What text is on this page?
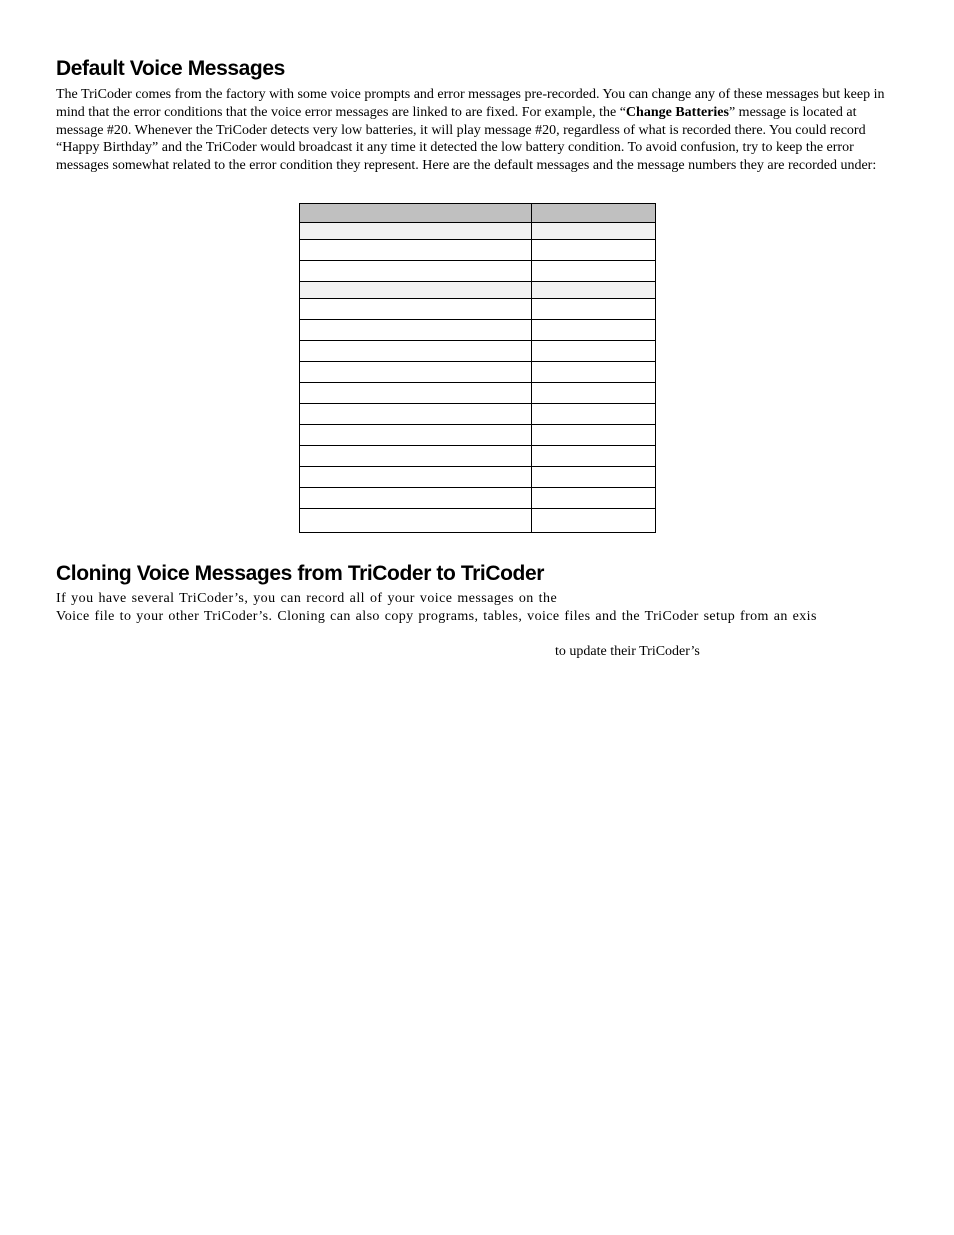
Default Voice Messages

The TriCoder comes from the factory with some voice prompts and error messages pre-recorded. You can change any of these messages but keep in mind that the error conditions that the voice error messages are linked to are fixed. For example, the “Change Batteries” message is located at message #20. Whenever the TriCoder detects very low batteries, it will play message #20, regardless of what is recorded there. You could record “Happy Birthday” and the TriCoder would broadcast it any time it detected the low battery condition. To avoid confusion, try to keep the error messages somewhat related to the error condition they represent. Here are the default messages and the message numbers they are recorded under:

Cloning Voice Messages from TriCoder to TriCoder

If you have several TriCoder’s, you can record all of your voice messages on the

Voice file to your other TriCoder’s. Cloning can also copy programs, tables, voice files and the TriCoder setup from an exis

to update their TriCoder’s
